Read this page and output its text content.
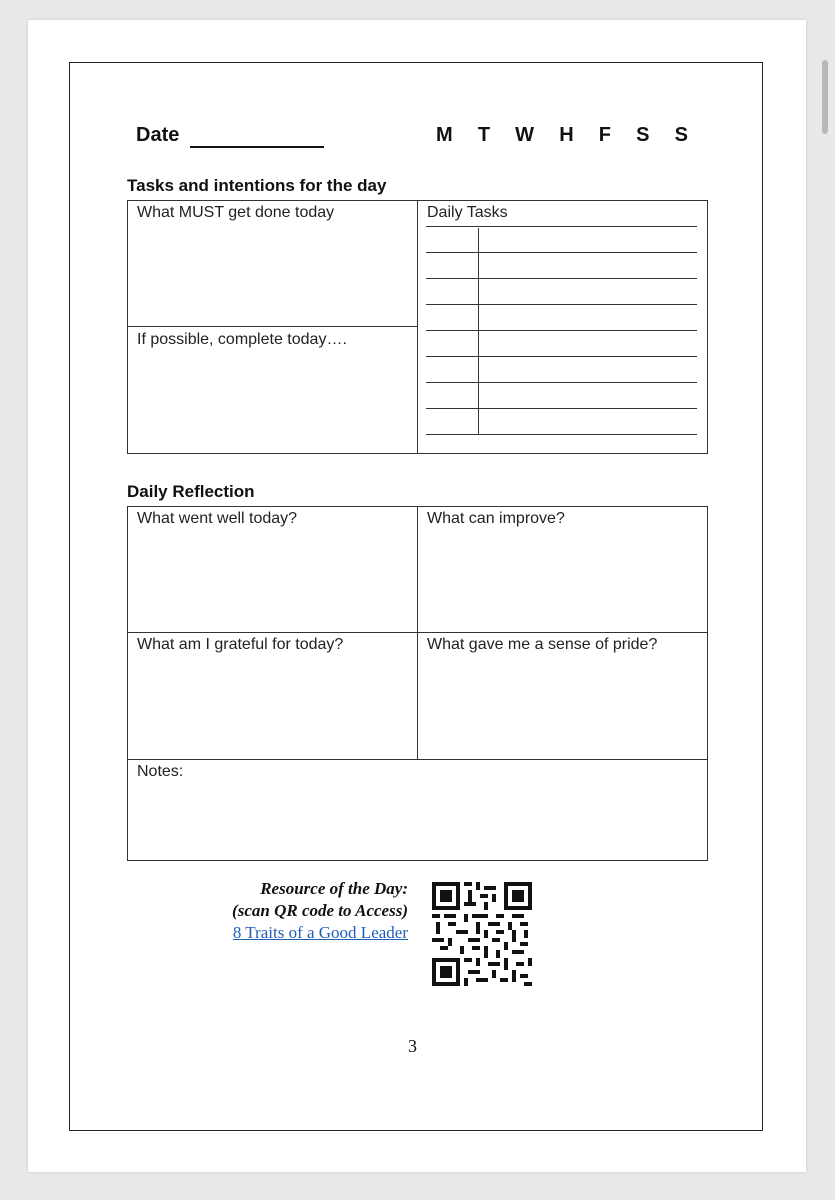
Date	M T W H F S S
Tasks and intentions for the day
What MUST get done today
If possible, complete today….
Daily Tasks
Daily Reflection
What went well today?	What can improve?
What am I grateful for today?	What gave me a sense of pride?
Notes:
Resource of the Day:
(scan QR code to Access)
8 Traits of a Good Leader
3
